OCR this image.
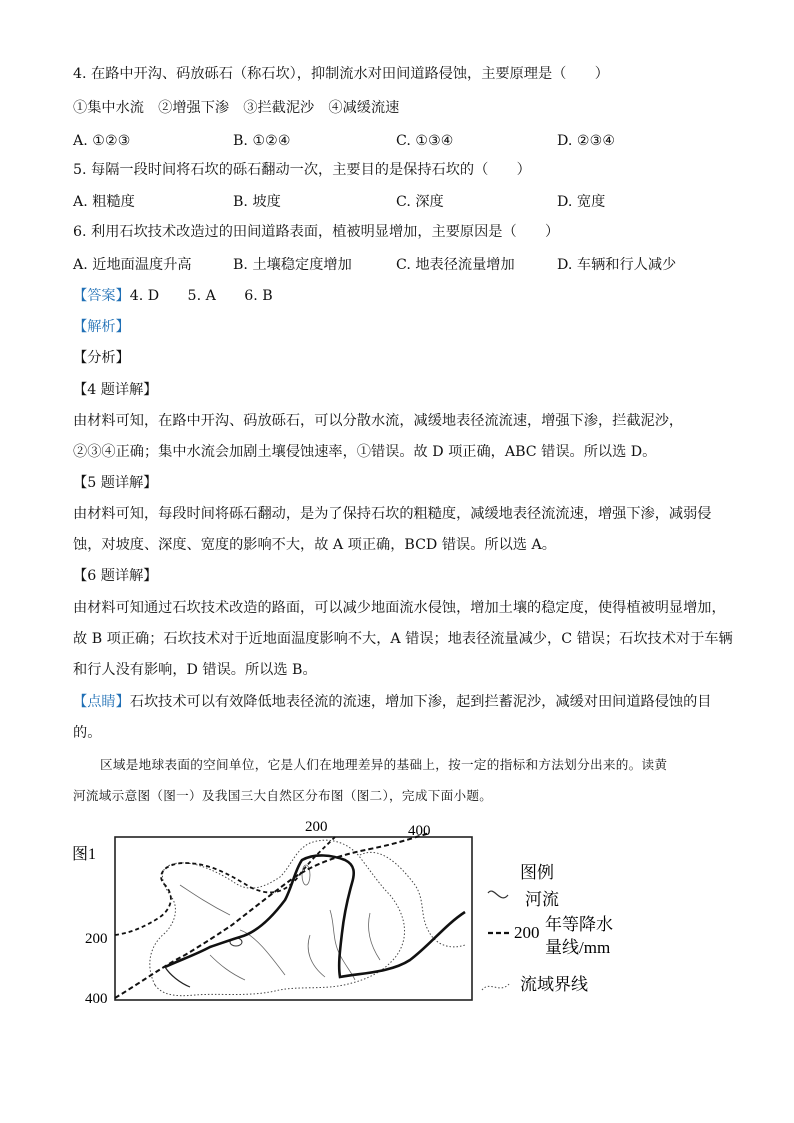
4. 在路中开沟、码放砾石（称石坎），抑制流水对田间道路侵蚀，主要原理是（　　）
①集中水流　②增强下渗　③拦截泥沙　④减缓流速
A. ①②③	B. ①②④	C. ①③④	D. ②③④
5. 每隔一段时间将石坎的砾石翻动一次，主要目的是保持石坎的（　　）
A. 粗糙度	B. 坡度	C. 深度	D. 宽度
6. 利用石坎技术改造过的田间道路表面，植被明显增加，主要原因是（　　）
A. 近地面温度升高	B. 土壤稳定度增加	C. 地表径流量增加	D. 车辆和行人减少
【答案】4. D　　5. A　　6. B
【解析】
【分析】
【4 题详解】
由材料可知，在路中开沟、码放砾石，可以分散水流，减缓地表径流流速，增强下渗，拦截泥沙，
②③④正确；集中水流会加剧土壤侵蚀速率，①错误。故 D 项正确，ABC 错误。所以选 D。
【5 题详解】
由材料可知，每段时间将砾石翻动，是为了保持石坎的粗糙度，减缓地表径流流速，增强下渗，减弱侵
蚀，对坡度、深度、宽度的影响不大，故 A 项正确，BCD 错误。所以选 A。
【6 题详解】
由材料可知通过石坎技术改造的路面，可以减少地面流水侵蚀，增加土壤的稳定度，使得植被明显增加，
故 B 项正确；石坎技术对于近地面温度影响不大，A 错误；地表径流量减少，C 错误；石坎技术对于车辆
和行人没有影响，D 错误。所以选 B。
【点睛】石坎技术可以有效降低地表径流的流速，增加下渗，起到拦蓄泥沙，减缓对田间道路侵蚀的目
的。
区域是地球表面的空间单位，它是人们在地理差异的基础上，按一定的指标和方法划分出来的。读黄
河流域示意图（图一）及我国三大自然区分布图（图二），完成下面小题。
图1
200	400
200
400
图例
河流
200 年等降水
量线/mm
流域界线
